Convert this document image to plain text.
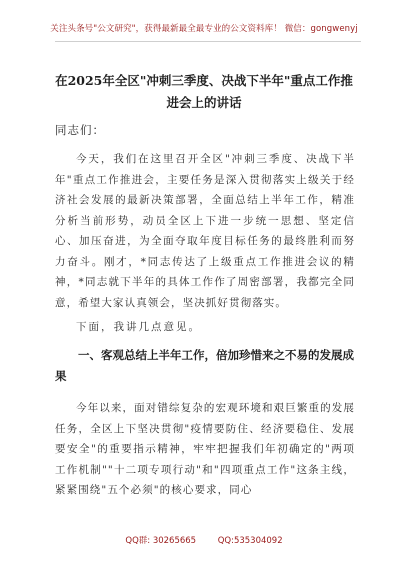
关注头条号"公文研究"，获得最新最全最专业的公文资料库！ 微信：gongwenyj
在2025年全区"冲刺三季度、决战下半年"重点工作推进会上的讲话
同志们：

今天，我们在这里召开全区"冲刺三季度、决战下半年"重点工作推进会，主要任务是深入贯彻落实上级关于经济社会发展的最新决策部署，全面总结上半年工作，精准分析当前形势，动员全区上下进一步统一思想、坚定信心、加压奋进，为全面夺取年度目标任务的最终胜利而努力奋斗。刚才，*同志传达了上级重点工作推进会议的精神，*同志就下半年的具体工作作了周密部署，我都完全同意，希望大家认真领会，坚决抓好贯彻落实。

下面，我讲几点意见。

一、客观总结上半年工作，倍加珍惜来之不易的发展成果

今年以来，面对错综复杂的宏观环境和艰巨繁重的发展任务，全区上下坚决贯彻"疫情要防住、经济要稳住、发展要安全"的重要指示精神，牢牢把握我们年初确定的"两项工作机制""十二项专项行动"和"四项重点工作"这条主线，紧紧围绕"五个必须"的核心要求，同心

QQ群: 30265665        QQ:535304092
